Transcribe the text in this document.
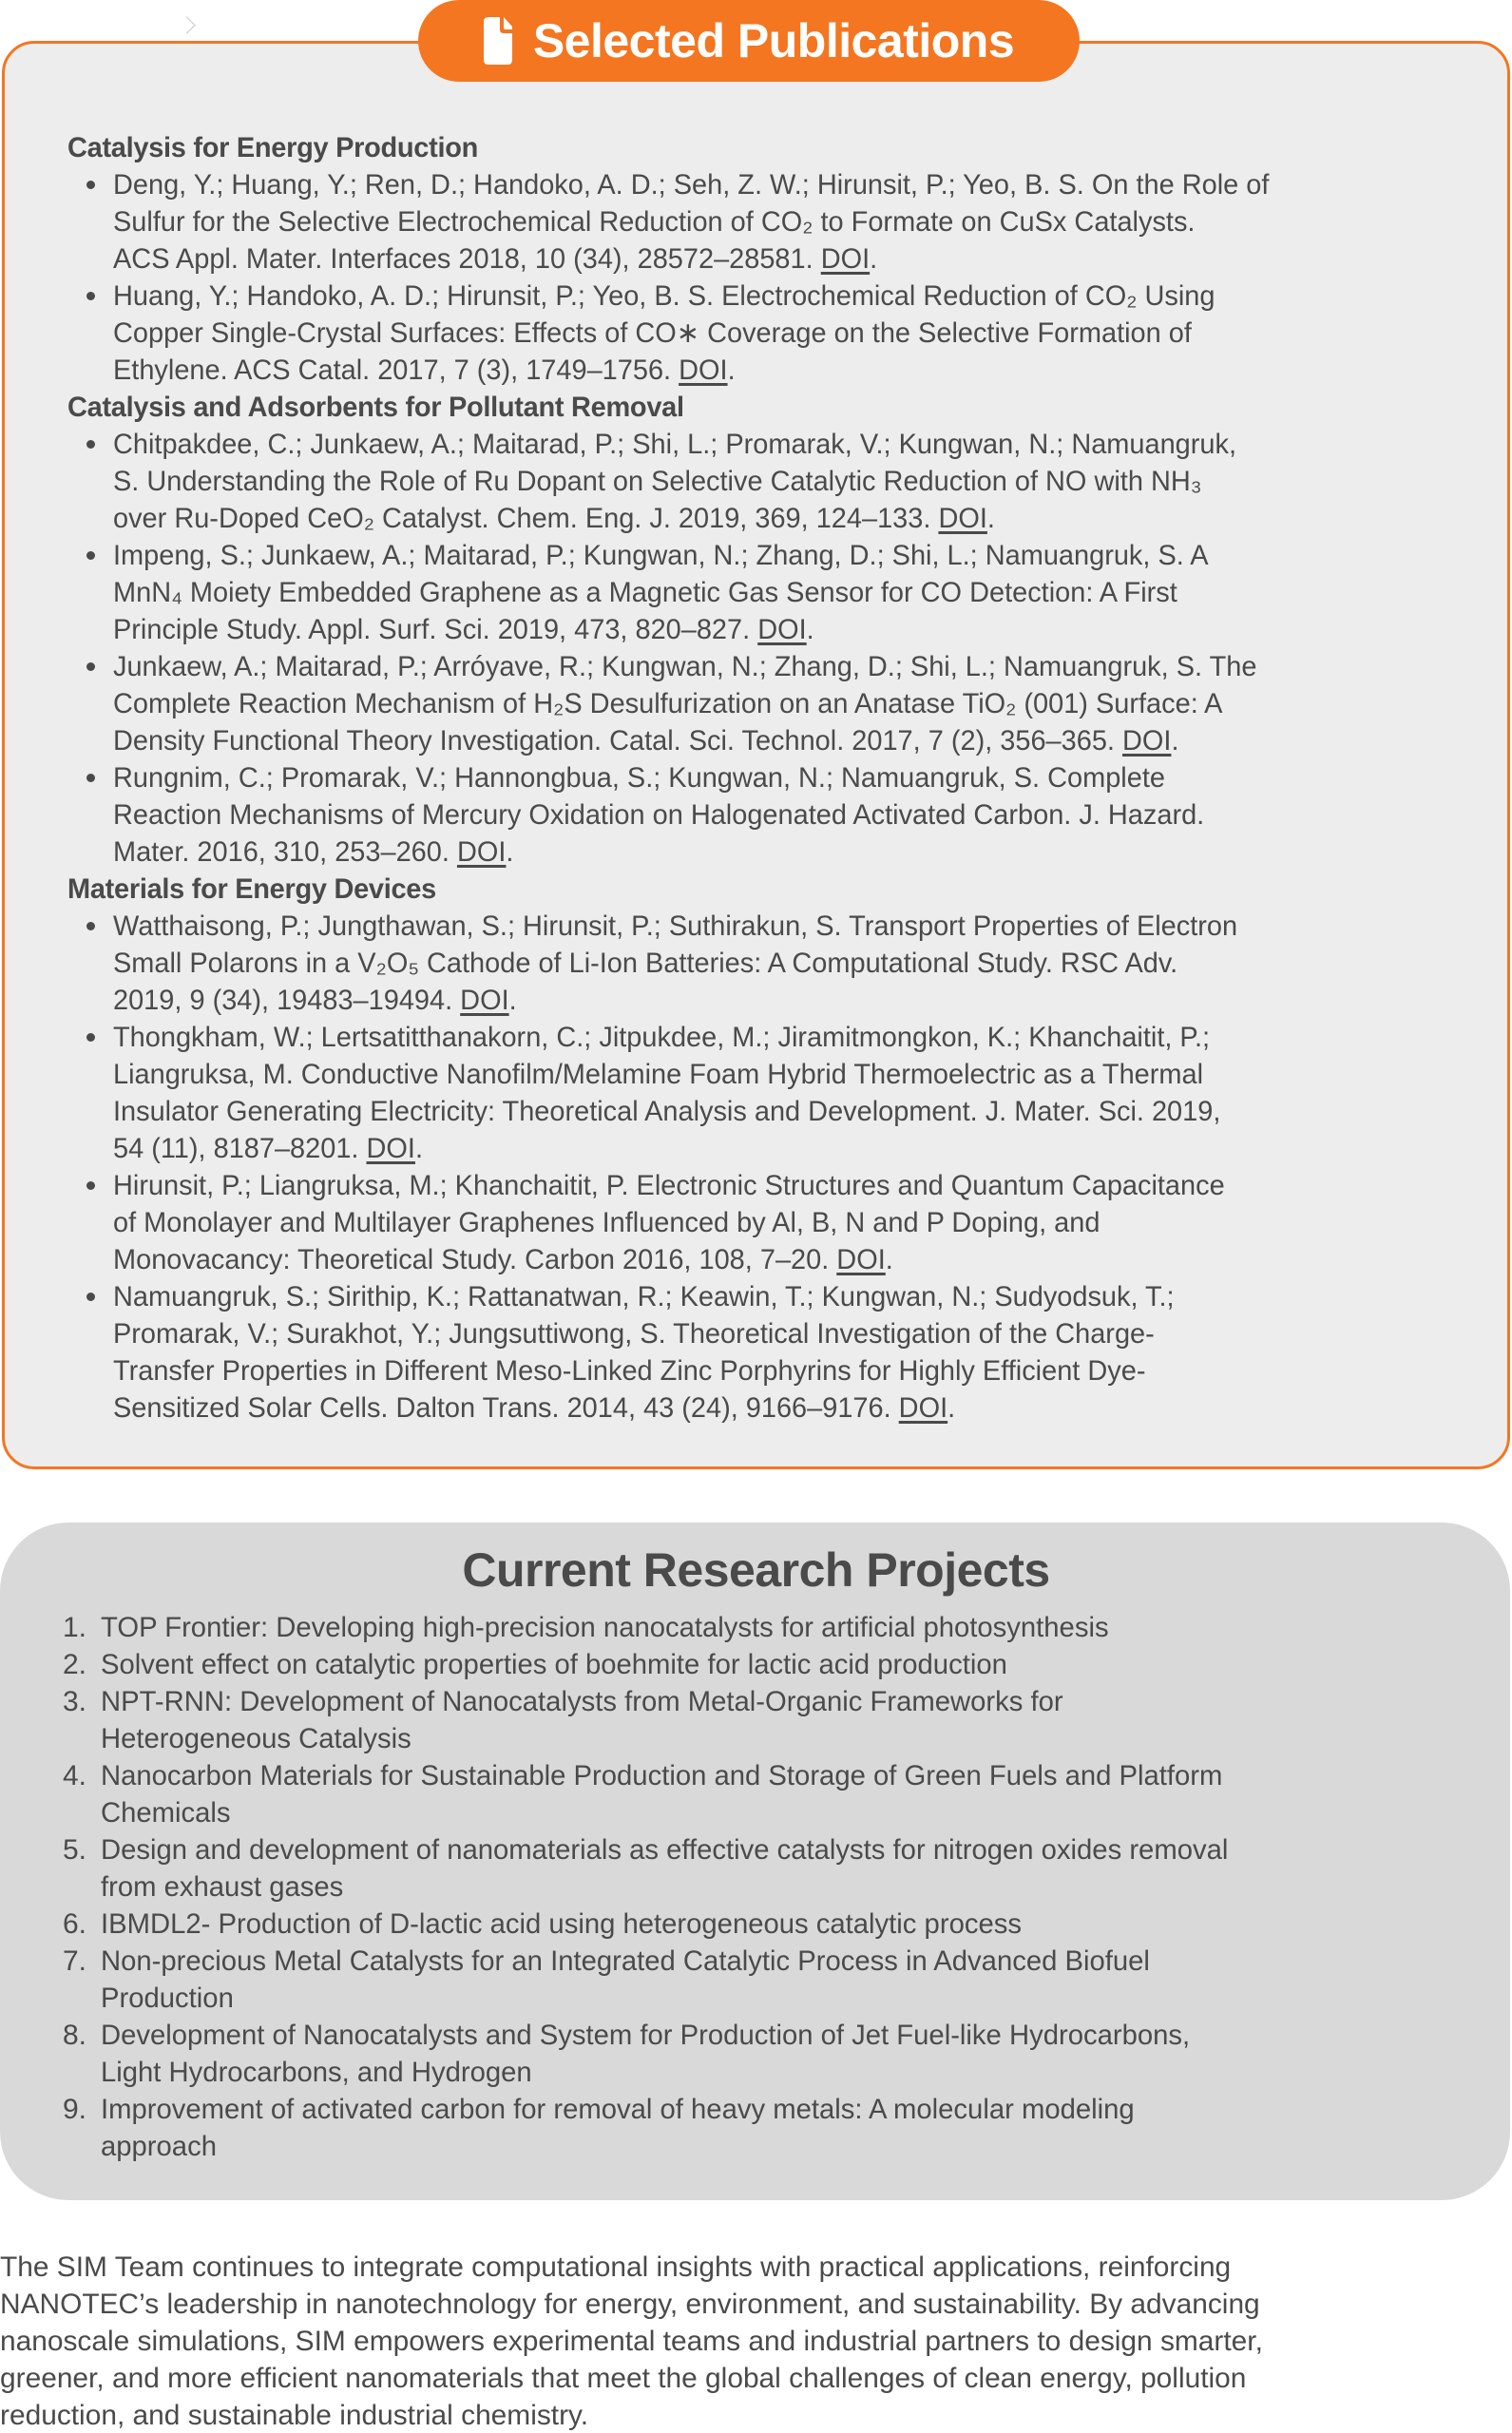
Selected Publications
Catalysis for Energy Production
Deng, Y.; Huang, Y.; Ren, D.; Handoko, A. D.; Seh, Z. W.; Hirunsit, P.; Yeo, B. S. On the Role of
Sulfur for the Selective Electrochemical Reduction of CO₂ to Formate on CuSx Catalysts.
ACS Appl. Mater. Interfaces 2018, 10 (34), 28572–28581. DOI.
Huang, Y.; Handoko, A. D.; Hirunsit, P.; Yeo, B. S. Electrochemical Reduction of CO₂ Using
Copper Single-Crystal Surfaces: Effects of CO∗ Coverage on the Selective Formation of
Ethylene. ACS Catal. 2017, 7 (3), 1749–1756. DOI.
Catalysis and Adsorbents for Pollutant Removal
Chitpakdee, C.; Junkaew, A.; Maitarad, P.; Shi, L.; Promarak, V.; Kungwan, N.; Namuangruk,
S. Understanding the Role of Ru Dopant on Selective Catalytic Reduction of NO with NH₃
over Ru-Doped CeO₂ Catalyst. Chem. Eng. J. 2019, 369, 124–133. DOI.
Impeng, S.; Junkaew, A.; Maitarad, P.; Kungwan, N.; Zhang, D.; Shi, L.; Namuangruk, S. A
MnN₄ Moiety Embedded Graphene as a Magnetic Gas Sensor for CO Detection: A First
Principle Study. Appl. Surf. Sci. 2019, 473, 820–827. DOI.
Junkaew, A.; Maitarad, P.; Arróyave, R.; Kungwan, N.; Zhang, D.; Shi, L.; Namuangruk, S. The
Complete Reaction Mechanism of H₂S Desulfurization on an Anatase TiO₂ (001) Surface: A
Density Functional Theory Investigation. Catal. Sci. Technol. 2017, 7 (2), 356–365. DOI.
Rungnim, C.; Promarak, V.; Hannongbua, S.; Kungwan, N.; Namuangruk, S. Complete
Reaction Mechanisms of Mercury Oxidation on Halogenated Activated Carbon. J. Hazard.
Mater. 2016, 310, 253–260. DOI.
Materials for Energy Devices
Watthaisong, P.; Jungthawan, S.; Hirunsit, P.; Suthirakun, S. Transport Properties of Electron
Small Polarons in a V₂O₅ Cathode of Li-Ion Batteries: A Computational Study. RSC Adv.
2019, 9 (34), 19483–19494. DOI.
Thongkham, W.; Lertsatitthanakorn, C.; Jitpukdee, M.; Jiramitmongkon, K.; Khanchaitit, P.;
Liangruksa, M. Conductive Nanofilm/Melamine Foam Hybrid Thermoelectric as a Thermal
Insulator Generating Electricity: Theoretical Analysis and Development. J. Mater. Sci. 2019,
54 (11), 8187–8201. DOI.
Hirunsit, P.; Liangruksa, M.; Khanchaitit, P. Electronic Structures and Quantum Capacitance
of Monolayer and Multilayer Graphenes Influenced by Al, B, N and P Doping, and
Monovacancy: Theoretical Study. Carbon 2016, 108, 7–20. DOI.
Namuangruk, S.; Sirithip, K.; Rattanatwan, R.; Keawin, T.; Kungwan, N.; Sudyodsuk, T.;
Promarak, V.; Surakhot, Y.; Jungsuttiwong, S. Theoretical Investigation of the Charge-
Transfer Properties in Different Meso-Linked Zinc Porphyrins for Highly Efficient Dye-
Sensitized Solar Cells. Dalton Trans. 2014, 43 (24), 9166–9176. DOI.
Current Research Projects
1. TOP Frontier: Developing high-precision nanocatalysts for artificial photosynthesis
2. Solvent effect on catalytic properties of boehmite for lactic acid production
3. NPT-RNN: Development of Nanocatalysts from Metal-Organic Frameworks for
Heterogeneous Catalysis
4. Nanocarbon Materials for Sustainable Production and Storage of Green Fuels and Platform
Chemicals
5. Design and development of nanomaterials as effective catalysts for nitrogen oxides removal
from exhaust gases
6. IBMDL2- Production of D-lactic acid using heterogeneous catalytic process
7. Non-precious Metal Catalysts for an Integrated Catalytic Process in Advanced Biofuel
Production
8. Development of Nanocatalysts and System for Production of Jet Fuel-like Hydrocarbons,
Light Hydrocarbons, and Hydrogen
9. Improvement of activated carbon for removal of heavy metals: A molecular modeling
approach
The SIM Team continues to integrate computational insights with practical applications, reinforcing
NANOTEC’s leadership in nanotechnology for energy, environment, and sustainability. By advancing
nanoscale simulations, SIM empowers experimental teams and industrial partners to design smarter,
greener, and more efficient nanomaterials that meet the global challenges of clean energy, pollution
reduction, and sustainable industrial chemistry.
